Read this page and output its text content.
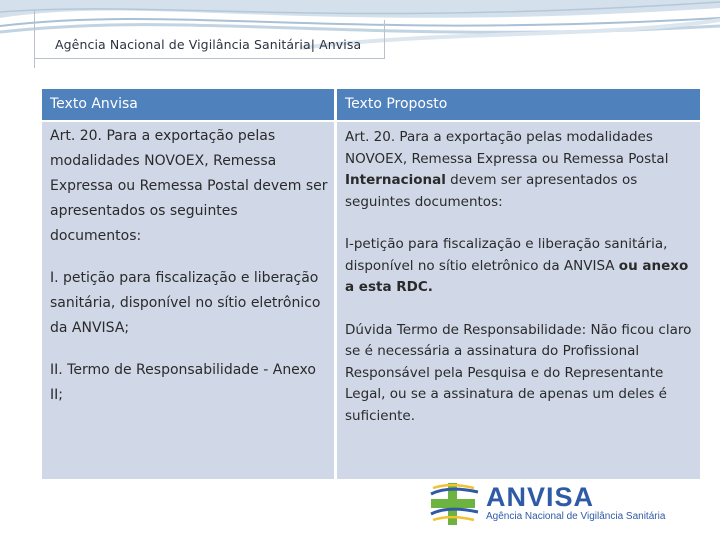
Agência Nacional de Vigilância Sanitária| Anvisa
Texto Anvisa	Texto Proposto

Art. 20. Para a exportação pelas modalidades NOVOEX, Remessa Expressa ou Remessa Postal devem ser apresentados os seguintes documentos:

I. petição para fiscalização e liberação sanitária, disponível no sítio eletrônico da ANVISA;

II. Termo de Responsabilidade - Anexo II;

Art. 20. Para a exportação pelas modalidades NOVOEX, Remessa Expressa ou Remessa Postal Internacional devem ser apresentados os seguintes documentos:

I-petição para fiscalização e liberação sanitária, disponível no sítio eletrônico da ANVISA ou anexo a esta RDC.

Dúvida Termo de Responsabilidade: Não ficou claro se é necessária a assinatura do Profissional Responsável pela Pesquisa e do Representante Legal, ou se a assinatura de apenas um deles é suficiente.

ANVISA
Agência Nacional de Vigilância Sanitária
